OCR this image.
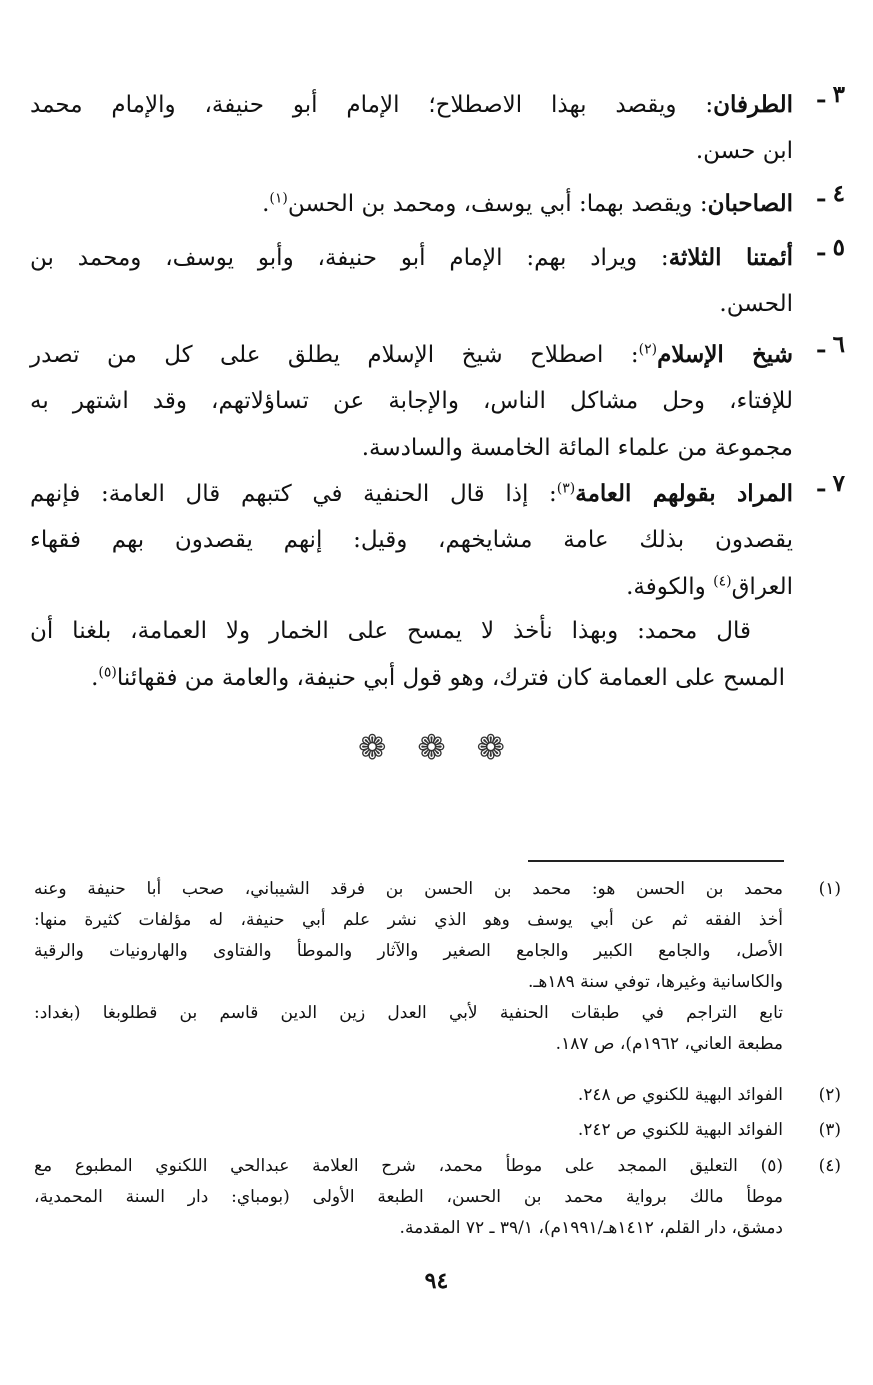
٣ ـ
الطرفان: ويقصد بهذا الاصطلاح؛ الإمام أبو حنيفة، والإمام محمد
ابن حسن.
٤ ـ
الصاحبان: ويقصد بهما: أبي يوسف، ومحمد بن الحسن$^{(١)}$.
٥ ـ
أئمتنا الثلاثة: ويراد بهم: الإمام أبو حنيفة، وأبو يوسف، ومحمد بن
الحسن.
٦ ـ
شيخ الإسلام$^{(٢)}$: اصطلاح شيخ الإسلام يطلق على كل من تصدر
للإفتاء، وحل مشاكل الناس، والإجابة عن تساؤلاتهم، وقد اشتهر به
مجموعة من علماء المائة الخامسة والسادسة.
٧ ـ
المراد بقولهم العامة$^{(٣)}$: إذا قال الحنفية في كتبهم قال العامة: فإنهم
يقصدون بذلك عامة مشايخهم، وقيل: إنهم يقصدون بهم فقهاء
العراق$^{(٤)}$ والكوفة.
قال محمد: وبهذا نأخذ لا يمسح على الخمار ولا العمامة، بلغنا أن
المسح على العمامة كان فترك، وهو قول أبي حنيفة، والعامة من فقهائنا$^{(٥)}$.
❁ ❁ ❁
(١)
محمد بن الحسن هو: محمد بن الحسن بن فرقد الشيباني، صحب أبا حنيفة وعنه
أخذ الفقه ثم عن أبي يوسف وهو الذي نشر علم أبي حنيفة، له مؤلفات كثيرة منها:
الأصل، والجامع الكبير والجامع الصغير والآثار والموطأ والفتاوى والهارونيات والرقية
والكاسانية وغيرها، توفي سنة ١٨٩هـ.
تابع التراجم في طبقات الحنفية لأبي العدل زين الدين قاسم بن قطلوبغا (بغداد:
مطبعة العاني، ١٩٦٢م)، ص ١٨٧.
(٢)
الفوائد البهية للكنوي ص ٢٤٨.
(٣)
الفوائد البهية للكنوي ص ٢٤٢.
(٤)
(٥) التعليق الممجد على موطأ محمد، شرح العلامة عبدالحي اللكنوي المطبوع مع
موطأ مالك برواية محمد بن الحسن، الطبعة الأولى (بومباي: دار السنة المحمدية،
دمشق، دار القلم، ١٤١٢هـ/١٩٩١م)، ٣٩/١ ـ ٧٢ المقدمة.
٩٤
